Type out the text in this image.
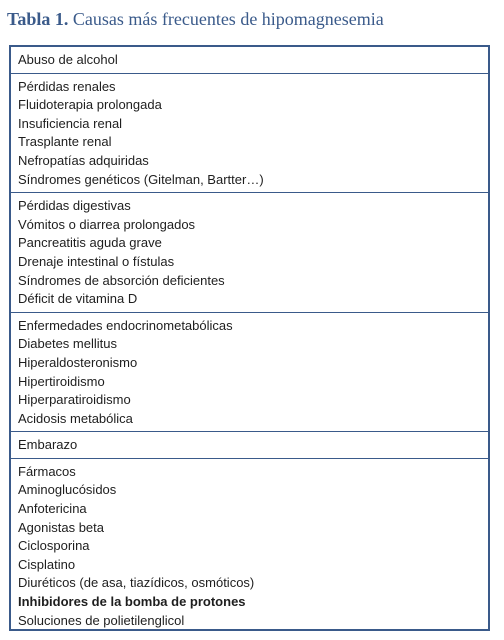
Tabla 1. Causas más frecuentes de hipomagnesemia
Abuso de alcohol
Pérdidas renales
Fluidoterapia prolongada
Insuficiencia renal
Trasplante renal
Nefropatías adquiridas
Síndromes genéticos (Gitelman, Bartter…)
Pérdidas digestivas
Vómitos o diarrea prolongados
Pancreatitis aguda grave
Drenaje intestinal o fístulas
Síndromes de absorción deficientes
Déficit de vitamina D
Enfermedades endocrinometabólicas
Diabetes mellitus
Hiperaldosteronismo
Hipertiroidismo
Hiperparatiroidismo
Acidosis metabólica
Embarazo
Fármacos
Aminoglucósidos
Anfotericina
Agonistas beta
Ciclosporina
Cisplatino
Diuréticos (de asa, tiazídicos, osmóticos)
Inhibidores de la bomba de protones
Soluciones de polietilenglicol
